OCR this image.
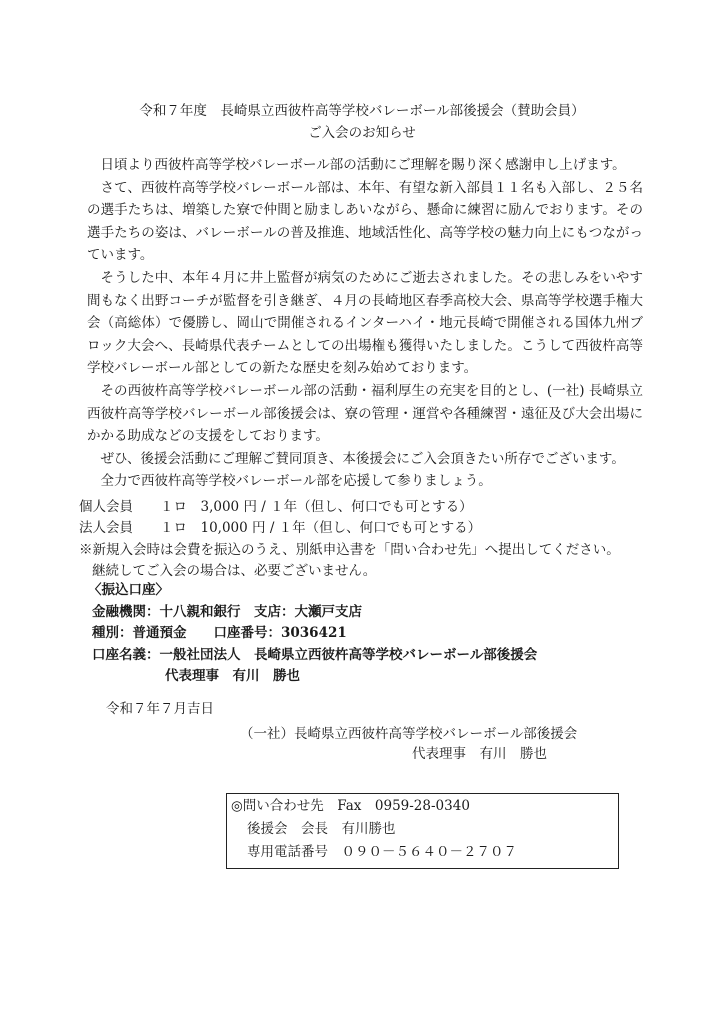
令和７年度　長崎県立西彼杵高等学校バレーボール部後援会（賛助会員）
ご入会のお知らせ

日頃より西彼杵高等学校バレーボール部の活動にご理解を賜り深く感謝申し上げます。

さて、西彼杵高等学校バレーボール部は、本年、有望な新入部員１１名も入部し、２５名の選手たちは、増築した寮で仲間と励ましあいながら、懸命に練習に励んでおります。その選手たちの姿は、バレーボールの普及推進、地域活性化、高等学校の魅力向上にもつながっています。

そうした中、本年４月に井上監督が病気のためにご逝去されました。その悲しみをいやす間もなく出野コーチが監督を引き継ぎ、４月の長崎地区春季高校大会、県高等学校選手権大会（高総体）で優勝し、岡山で開催されるインターハイ・地元長崎で開催される国体九州ブロック大会へ、長崎県代表チームとしての出場権も獲得いたしました。こうして西彼杵高等学校バレーボール部としての新たな歴史を刻み始めております。

その西彼杵高等学校バレーボール部の活動・福利厚生の充実を目的とし、(一社) 長崎県立西彼杵高等学校バレーボール部後援会は、寮の管理・運営や各種練習・遠征及び大会出場にかかる助成などの支援をしております。

ぜひ、後援会活動にご理解ご賛同頂き、本後援会にご入会頂きたい所存でございます。

全力で西彼杵高等学校バレーボール部を応援して参りましょう。

個人会員　　１ロ　3,000 円 / １年（但し、何口でも可とする）
法人会員　　１ロ　10,000 円 / １年（但し、何口でも可とする）
※新規入会時は会費を振込のうえ、別紙申込書を「問い合わせ先」へ提出してください。
継続してご入会の場合は、必要ございません。
〈振込口座〉
金融機関：十八親和銀行　支店：大瀬戸支店
種別：普通預金　　口座番号：3036421
口座名義：一般社団法人　長崎県立西彼杵高等学校バレーボール部後援会
代表理事　有川　勝也
令和７年７月吉日
（一社）長崎県立西彼杵高等学校バレーボール部後援会
代表理事　有川　勝也
◎問い合わせ先　Fax　0959-28-0340
後援会　会長　有川勝也
専用電話番号　０９０－５６４０－２７０７
